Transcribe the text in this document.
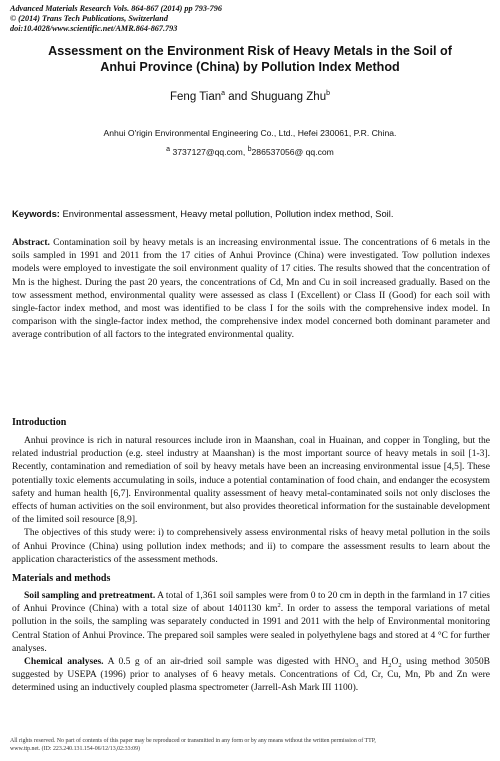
Advanced Materials Research Vols. 864-867 (2014) pp 793-796
© (2014) Trans Tech Publications, Switzerland
doi:10.4028/www.scientific.net/AMR.864-867.793
Assessment on the Environment Risk of Heavy Metals in the Soil of
Anhui Province (China) by Pollution Index Method
Feng Tian$^a$ and Shuguang Zhu$^b$
Anhui O'rigin Environmental Engineering Co., Ltd., Hefei 230061, P.R. China.
$^a$ 3737127@qq.com, $^b$286537056@ qq.com
Keywords: Environmental assessment, Heavy metal pollution, Pollution index method, Soil.
Abstract. Contamination soil by heavy metals is an increasing environmental issue. The concentrations of 6 metals in the soils sampled in 1991 and 2011 from the 17 cities of Anhui Province (China) were investigated. Tow pollution indexes models were employed to investigate the soil environment quality of 17 cities. The results showed that the concentration of Mn is the highest. During the past 20 years, the concentrations of Cd, Mn and Cu in soil increased gradually. Based on the tow assessment method, environmental quality were assessed as class I (Excellent) or Class II (Good) for each soil with single-factor index method, and most was identified to be class I for the soils with the comprehensive index model. In comparison with the single-factor index method, the comprehensive index model concerned both dominant parameter and average contribution of all factors to the integrated environmental quality.
Introduction

Anhui province is rich in natural resources include iron in Maanshan, coal in Huainan, and copper in Tongling, but the related industrial production (e.g. steel industry at Maanshan) is the most important source of heavy metals in soil [1-3]. Recently, contamination and remediation of soil by heavy metals have been an increasing environmental issue [4,5]. These potentially toxic elements accumulating in soils, induce a potential contamination of food chain, and endanger the ecosystem safety and human health [6,7]. Environmental quality assessment of heavy metal-contaminated soils not only discloses the effects of human activities on the soil environment, but also provides theoretical information for the sustainable development of the limited soil resource [8,9].

The objectives of this study were: i) to comprehensively assess environmental risks of heavy metal pollution in the soils of Anhui Province (China) using pollution index methods; and ii) to compare the assessment results to learn about the application characteristics of the assessment methods.

Materials and methods

Soil sampling and pretreatment. A total of 1,361 soil samples were from 0 to 20 cm in depth in the farmland in 17 cities of Anhui Province (China) with a total size of about 1401130 $km^2$. In order to assess the temporal variations of metal pollution in the soils, the sampling was separately conducted in 1991 and 2011 with the help of Environmental monitoring Central Station of Anhui Province. The prepared soil samples were sealed in polyethylene bags and stored at 4 °C for further analyses.

Chemical analyses. A 0.5 g of an air-dried soil sample was digested with $HNO_3$ and $H_2O_2$ using method 3050B suggested by USEPA (1996) prior to analyses of 6 heavy metals. Concentrations of Cd, Cr, Cu, Mn, Pb and Zn were determined using an inductively coupled plasma spectrometer (Jarrell-Ash Mark III 1100).

All rights reserved. No part of contents of this paper may be reproduced or transmitted in any form or by any means without the written permission of TTP,
www.ttp.net. (ID: 223.240.131.154-06/12/13,02:33:09)
